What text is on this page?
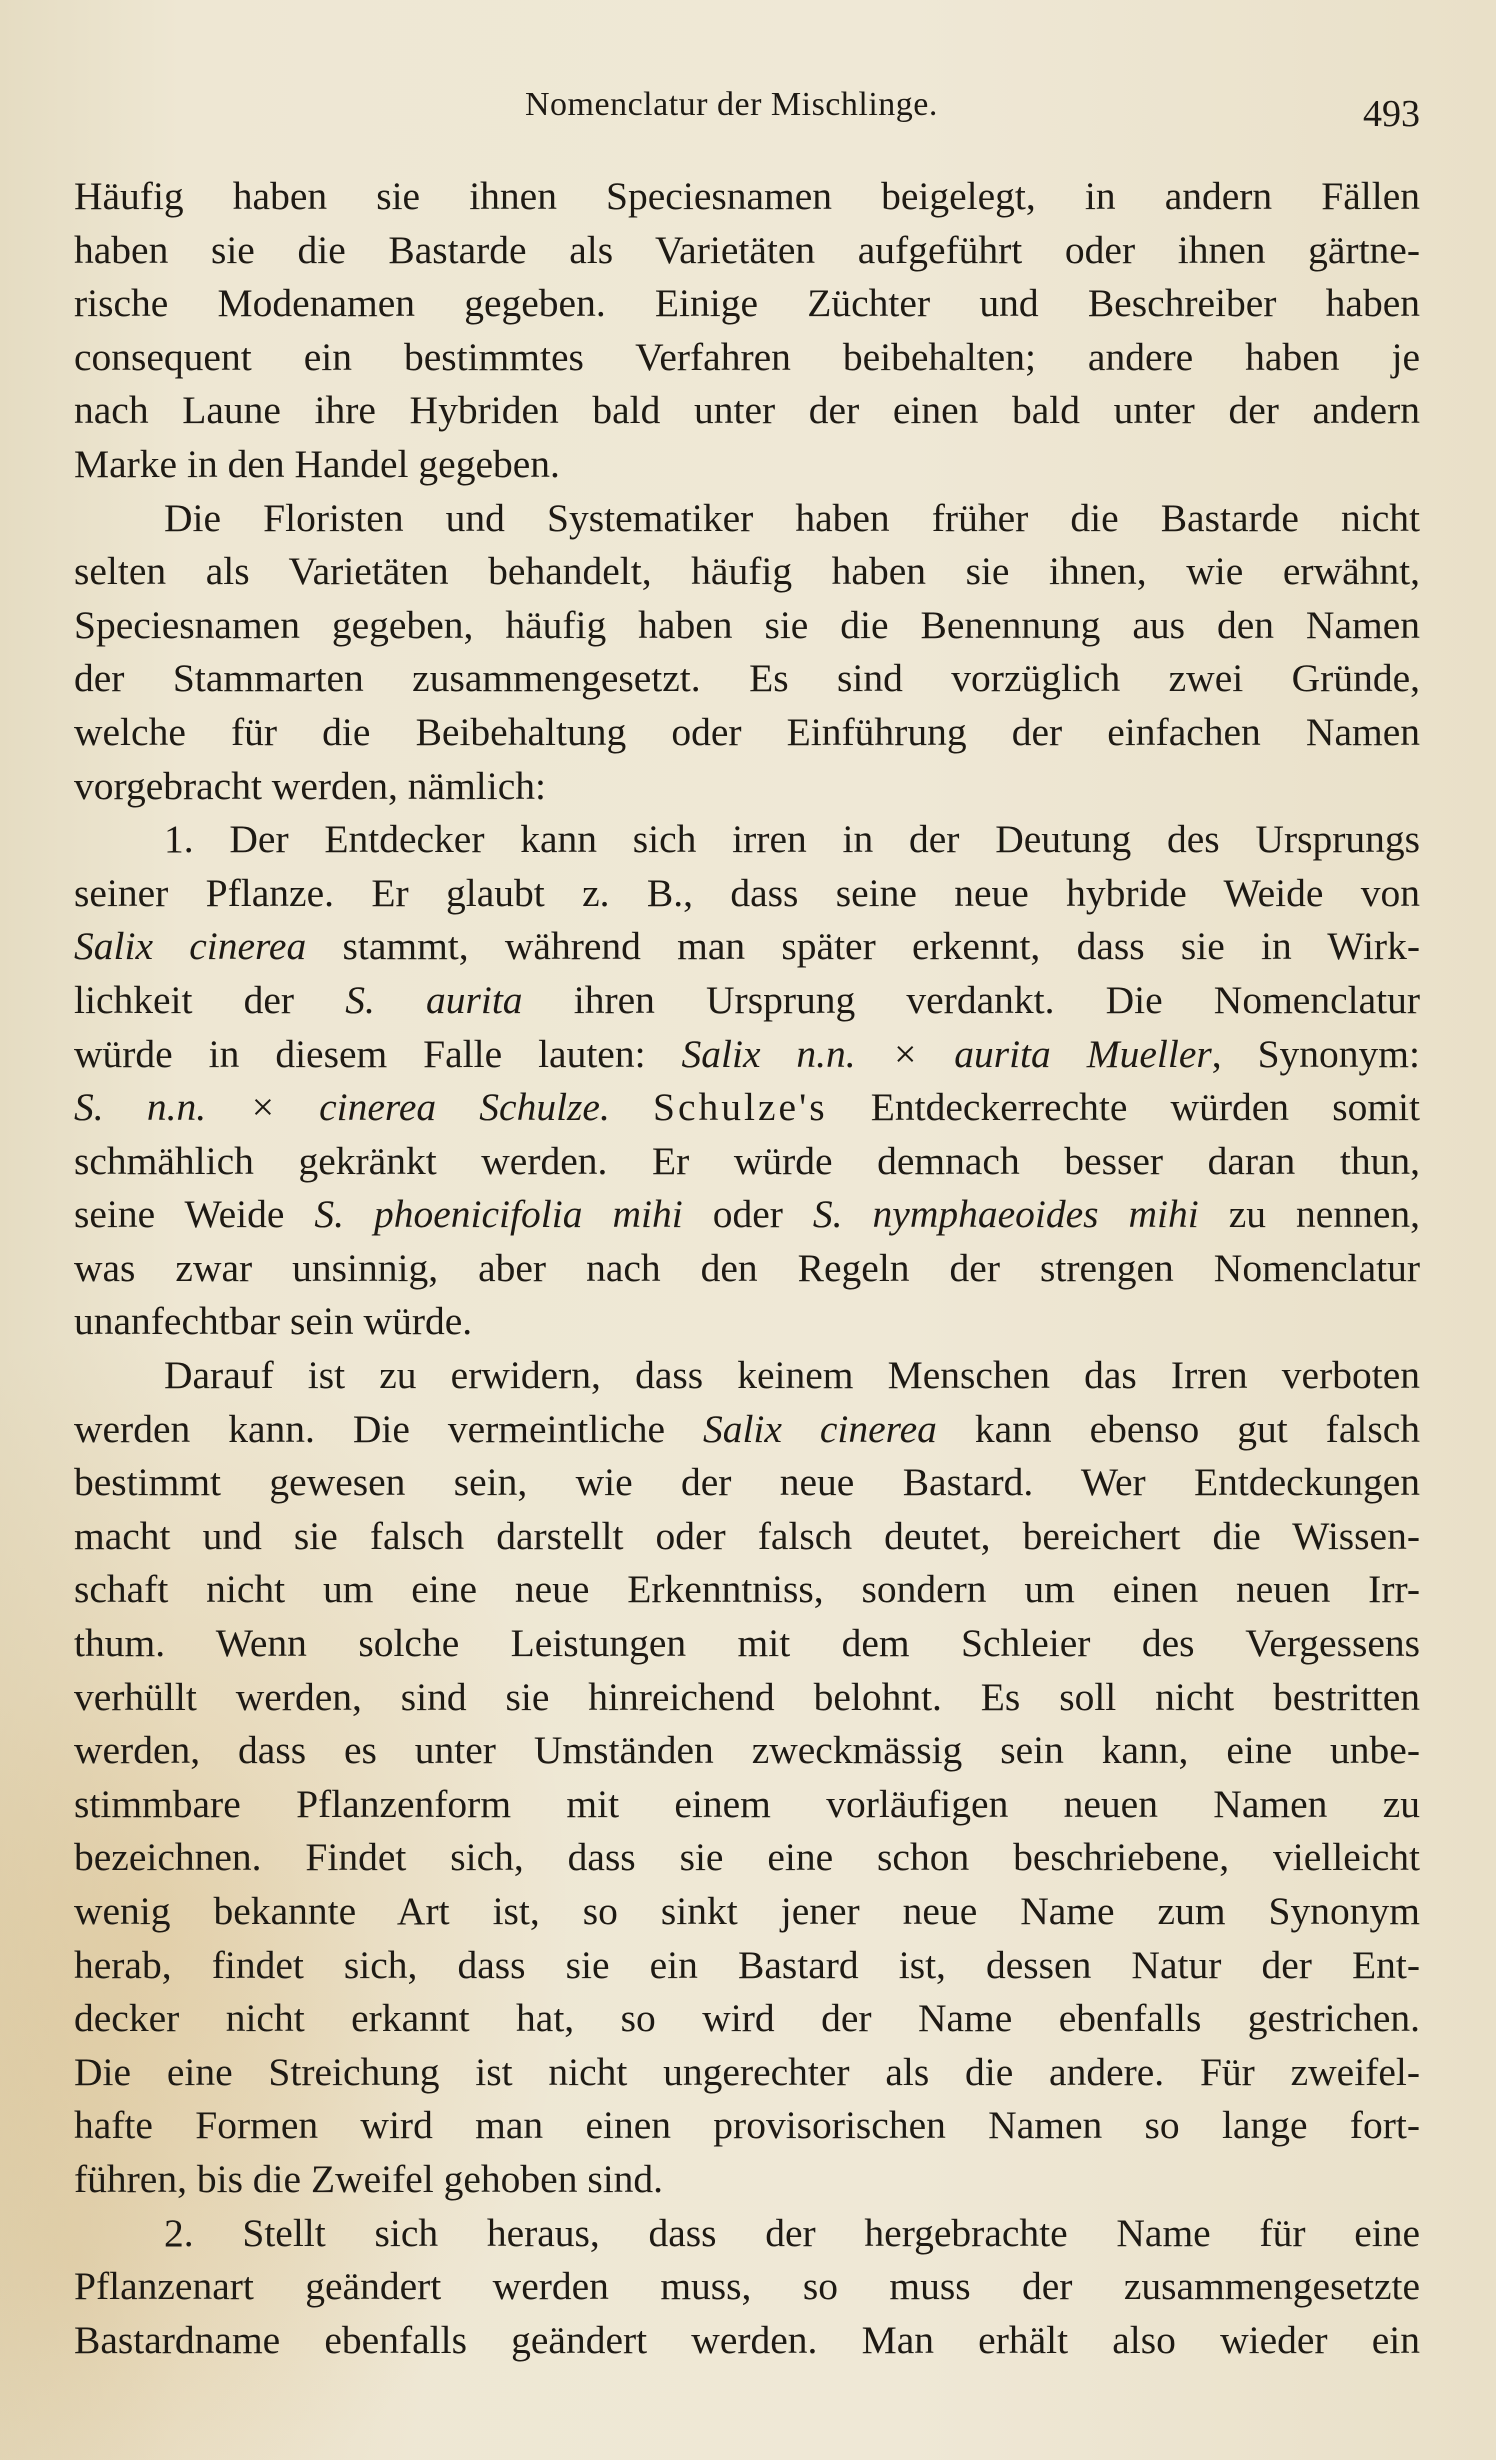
Nomenclatur der Mischlinge.	493
Häufig haben sie ihnen Speciesnamen beigelegt, in andern Fällen
haben sie die Bastarde als Varietäten aufgeführt oder ihnen gärtne-
rische Modenamen gegeben. Einige Züchter und Beschreiber haben
consequent ein bestimmtes Verfahren beibehalten; andere haben je
nach Laune ihre Hybriden bald unter der einen bald unter der andern
Marke in den Handel gegeben.
Die Floristen und Systematiker haben früher die Bastarde nicht
selten als Varietäten behandelt, häufig haben sie ihnen, wie erwähnt,
Speciesnamen gegeben, häufig haben sie die Benennung aus den Namen
der Stammarten zusammengesetzt. Es sind vorzüglich zwei Gründe,
welche für die Beibehaltung oder Einführung der einfachen Namen
vorgebracht werden, nämlich:
1. Der Entdecker kann sich irren in der Deutung des Ursprungs
seiner Pflanze. Er glaubt z. B., dass seine neue hybride Weide von
Salix cinerea stammt, während man später erkennt, dass sie in Wirk-
lichkeit der S. aurita ihren Ursprung verdankt. Die Nomenclatur
würde in diesem Falle lauten: Salix n.n. × aurita Mueller, Synonym:
S. n.n. × cinerea Schulze. Schulze's Entdeckerrechte würden somit
schmählich gekränkt werden. Er würde demnach besser daran thun,
seine Weide S. phoenicifolia mihi oder S. nymphaeoides mihi zu nennen,
was zwar unsinnig, aber nach den Regeln der strengen Nomenclatur
unanfechtbar sein würde.
Darauf ist zu erwidern, dass keinem Menschen das Irren verboten
werden kann. Die vermeintliche Salix cinerea kann ebenso gut falsch
bestimmt gewesen sein, wie der neue Bastard. Wer Entdeckungen
macht und sie falsch darstellt oder falsch deutet, bereichert die Wissen-
schaft nicht um eine neue Erkenntniss, sondern um einen neuen Irr-
thum. Wenn solche Leistungen mit dem Schleier des Vergessens
verhüllt werden, sind sie hinreichend belohnt. Es soll nicht bestritten
werden, dass es unter Umständen zweckmässig sein kann, eine unbe-
stimmbare Pflanzenform mit einem vorläufigen neuen Namen zu
bezeichnen. Findet sich, dass sie eine schon beschriebene, vielleicht
wenig bekannte Art ist, so sinkt jener neue Name zum Synonym
herab, findet sich, dass sie ein Bastard ist, dessen Natur der Ent-
decker nicht erkannt hat, so wird der Name ebenfalls gestrichen.
Die eine Streichung ist nicht ungerechter als die andere. Für zweifel-
hafte Formen wird man einen provisorischen Namen so lange fort-
führen, bis die Zweifel gehoben sind.
2. Stellt sich heraus, dass der hergebrachte Name für eine
Pflanzenart geändert werden muss, so muss der zusammengesetzte
Bastardname ebenfalls geändert werden. Man erhält also wieder ein
